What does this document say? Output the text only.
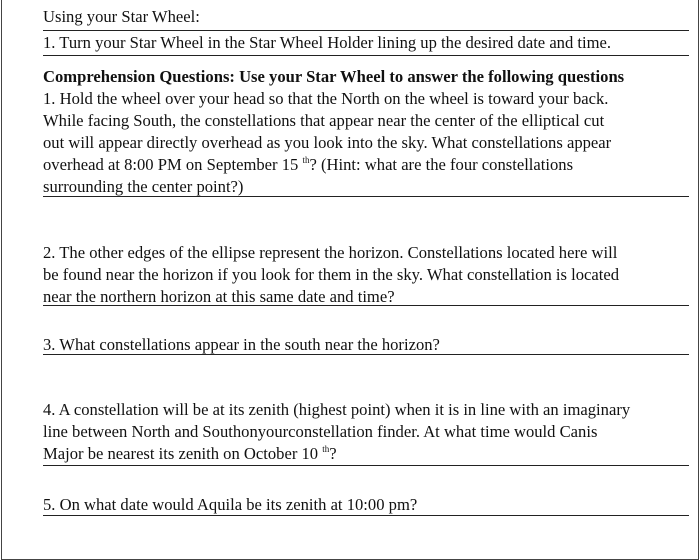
Using your Star Wheel:
1. Turn your Star Wheel in the Star Wheel Holder lining up the desired date and time.
Comprehension Questions: Use your Star Wheel to answer the following questions
1. Hold the wheel over your head so that the North on the wheel is toward your back.
While facing South, the constellations that appear near the center of the elliptical cut
out will appear directly overhead as you look into the sky. What constellations appear
overhead at 8:00 PM on September 15 $^{th}$? (Hint: what are the four constellations
surrounding the center point?)
2. The other edges of the ellipse represent the horizon. Constellations located here will
be found near the horizon if you look for them in the sky. What constellation is located
near the northern horizon at this same date and time?
3. What constellations appear in the south near the horizon?
4. A constellation will be at its zenith (highest point) when it is in line with an imaginary
line between North and Southonyourconstellation finder. At what time would Canis
Major be nearest its zenith on October 10 $^{th}$?
5. On what date would Aquila be its zenith at 10:00 pm?
